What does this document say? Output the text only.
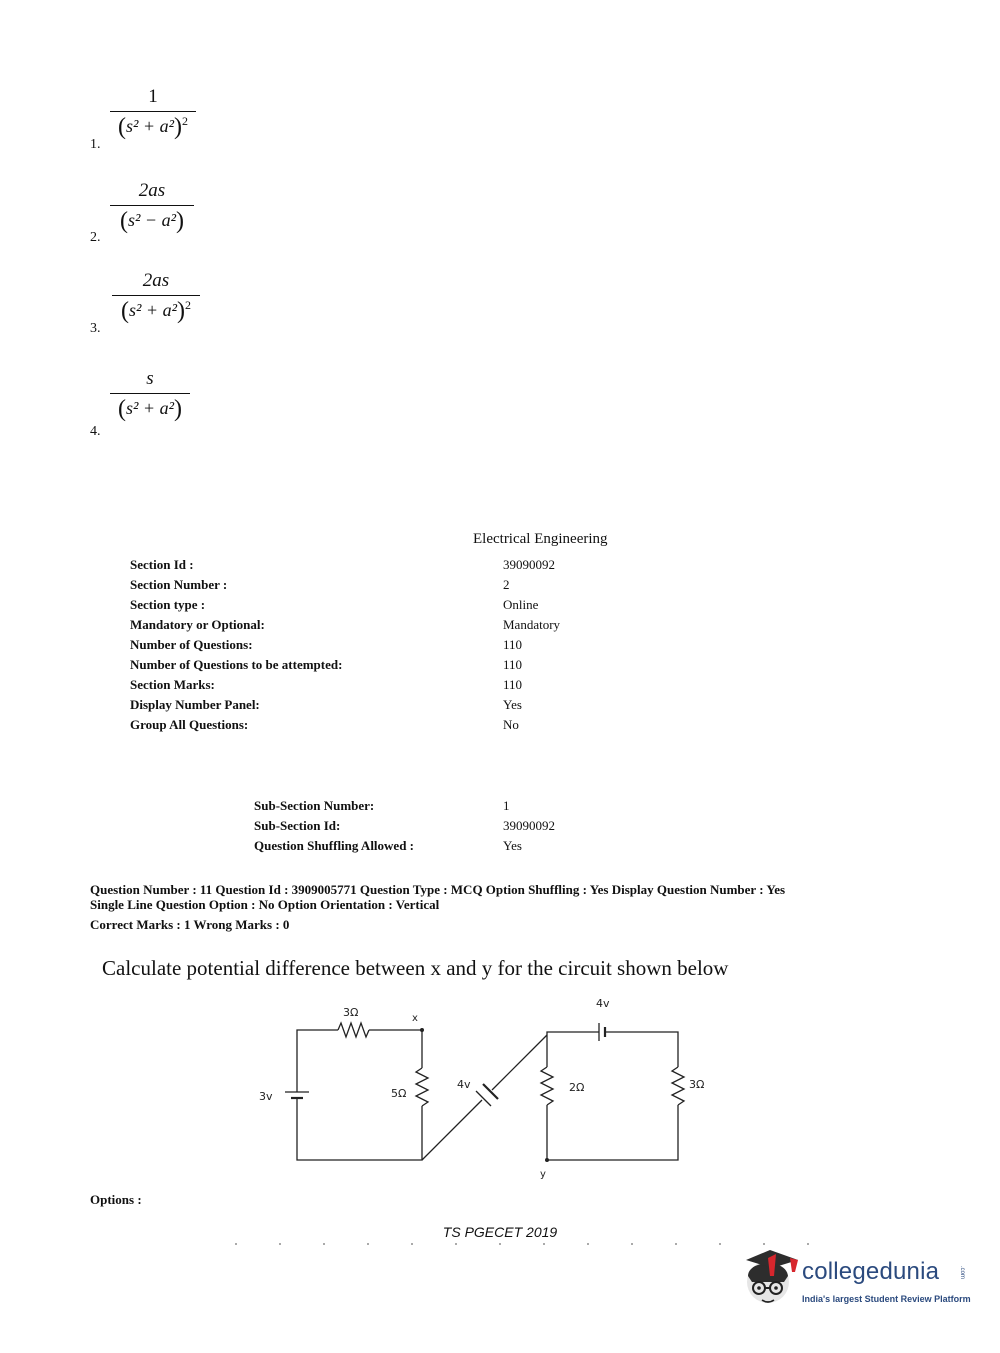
1.
1
$(s^2 + a^2)^2$
2.
2as
(s² − a²)
3.
2as
$(s^2 + a^2)^2$
4.
s
(s² + a²)
Electrical Engineering
Section Id :	39090092
Section Number :	2
Section type :	Online
Mandatory or Optional:	Mandatory
Number of Questions:	110
Number of Questions to be attempted:	110
Section Marks:	110
Display Number Panel:	Yes
Group All Questions:	No
Sub-Section Number:	1
Sub-Section Id:	39090092
Question Shuffling Allowed :	Yes
Question Number : 11 Question Id : 3909005771 Question Type : MCQ Option Shuffling : Yes Display Question Number : Yes
Single Line Question Option : No Option Orientation : Vertical
Correct Marks : 1 Wrong Marks : 0
Calculate potential difference between x and y for the circuit shown below
3Ω	x
3v	5Ω
4v
4v
2Ω	3Ω
y
Options :
TS PGECET 2019
collegedunia	.com
India's largest Student Review Platform
